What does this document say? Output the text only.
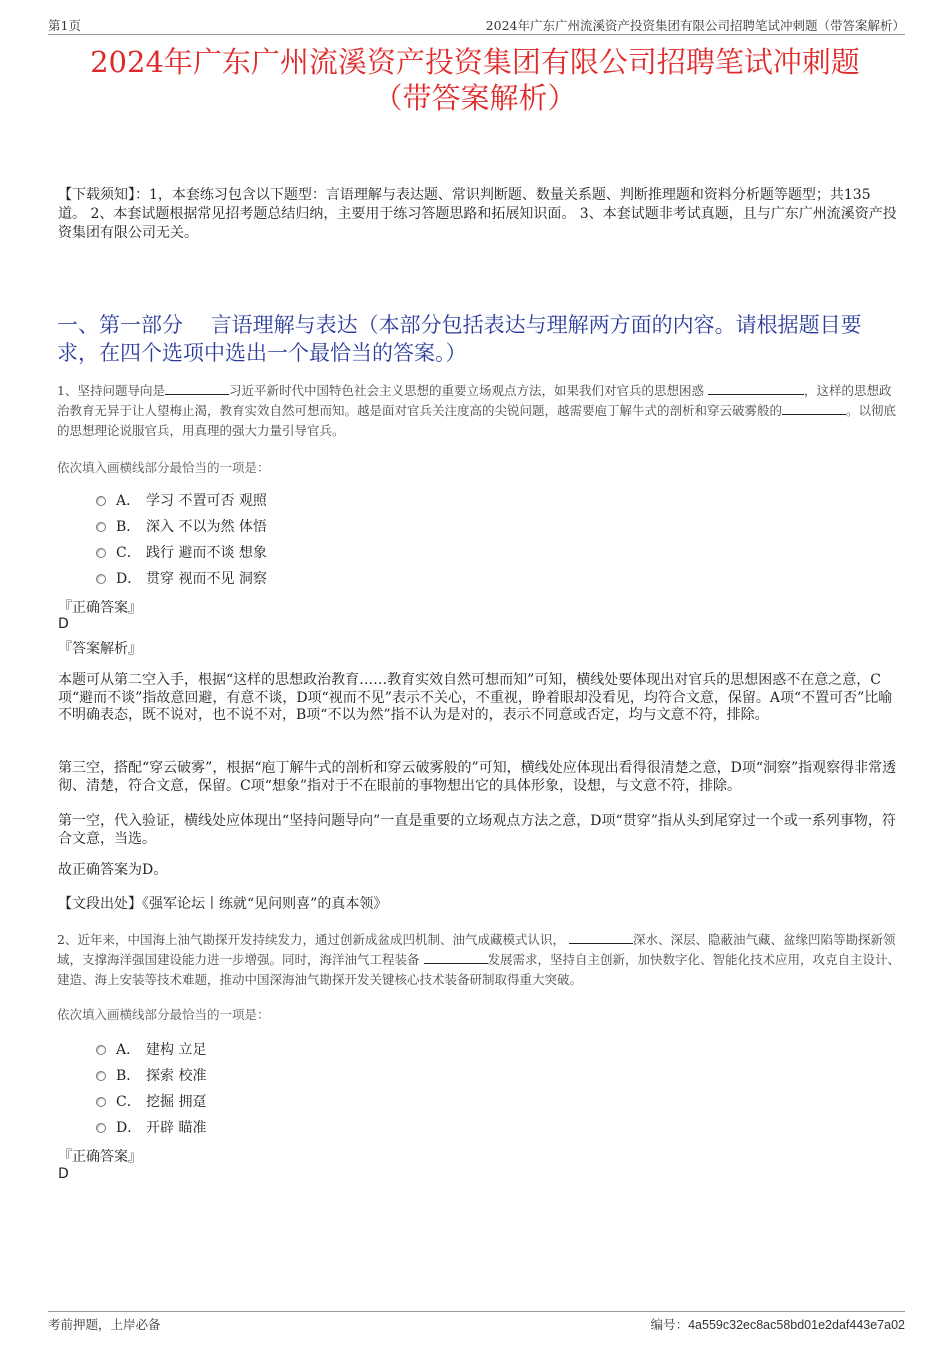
第1页	2024年广东广州流溪资产投资集团有限公司招聘笔试冲刺题（带答案解析）
2024年广东广州流溪资产投资集团有限公司招聘笔试冲刺题
（带答案解析）
【下载须知】：1，本套练习包含以下题型：言语理解与表达题、常识判断题、数量关系题、判断推理题和资料分析题等题型；共135道。 2、本套试题根据常见招考题总结归纳，主要用于练习答题思路和拓展知识面。 3、本套试题非考试真题，且与广东广州流溪资产投资集团有限公司无关。
一、第一部分　 言语理解与表达（本部分包括表达与理解两方面的内容。请根据题目要求，在四个选项中选出一个最恰当的答案。）
1、坚持问题导向是	习近平新时代中国特色社会主义思想的重要立场观点方法，如果我们对官兵的思想困惑	，这样的思想政治教育无异于让人望梅止渴，教育实效自然可想而知。越是面对官兵关注度高的尖锐问题，越需要庖丁解牛式的剖析和穿云破雾般的	。以彻底的思想理论说服官兵，用真理的强大力量引导官兵。
依次填入画横线部分最恰当的一项是：
A． 学习 不置可否 观照
B． 深入 不以为然 体悟
C． 践行 避而不谈 想象
D． 贯穿 视而不见 洞察
『正确答案』
D
『答案解析』
本题可从第二空入手，根据“这样的思想政治教育……教育实效自然可想而知”可知，横线处要体现出对官兵的思想困惑不在意之意，C项“避而不谈”指故意回避，有意不谈，D项“视而不见”表示不关心，不重视，睁着眼却没看见，均符合文意，保留。A项“不置可否”比喻不明确表态，既不说对，也不说不对，B项“不以为然”指不认为是对的，表示不同意或否定，均与文意不符，排除。
第三空，搭配“穿云破雾”，根据“庖丁解牛式的剖析和穿云破雾般的”可知，横线处应体现出看得很清楚之意，D项“洞察”指观察得非常透彻、清楚，符合文意，保留。C项“想象”指对于不在眼前的事物想出它的具体形象，设想，与文意不符，排除。
第一空，代入验证，横线处应体现出“坚持问题导向”一直是重要的立场观点方法之意，D项“贯穿”指从头到尾穿过一个或一系列事物，符合文意，当选。
故正确答案为D。
【文段出处】《强军论坛丨练就“见问则喜”的真本领》
2、近年来，中国海上油气勘探开发持续发力，通过创新成盆成凹机制、油气成藏模式认识，	深水、深层、隐蔽油气藏、盆缘凹陷等勘探新领域，支撑海洋强国建设能力进一步增强。同时，海洋油气工程装备	发展需求，坚持自主创新，加快数字化、智能化技术应用，攻克自主设计、建造、海上安装等技术难题，推动中国深海油气勘探开发关键核心技术装备研制取得重大突破。
依次填入画横线部分最恰当的一项是：
A． 建构 立足
B． 探索 校准
C． 挖掘 拥趸
D． 开辟 瞄准
『正确答案』
D
考前押题，上岸必备	编号：4a559c32ec8ac58bd01e2daf443e7a02
